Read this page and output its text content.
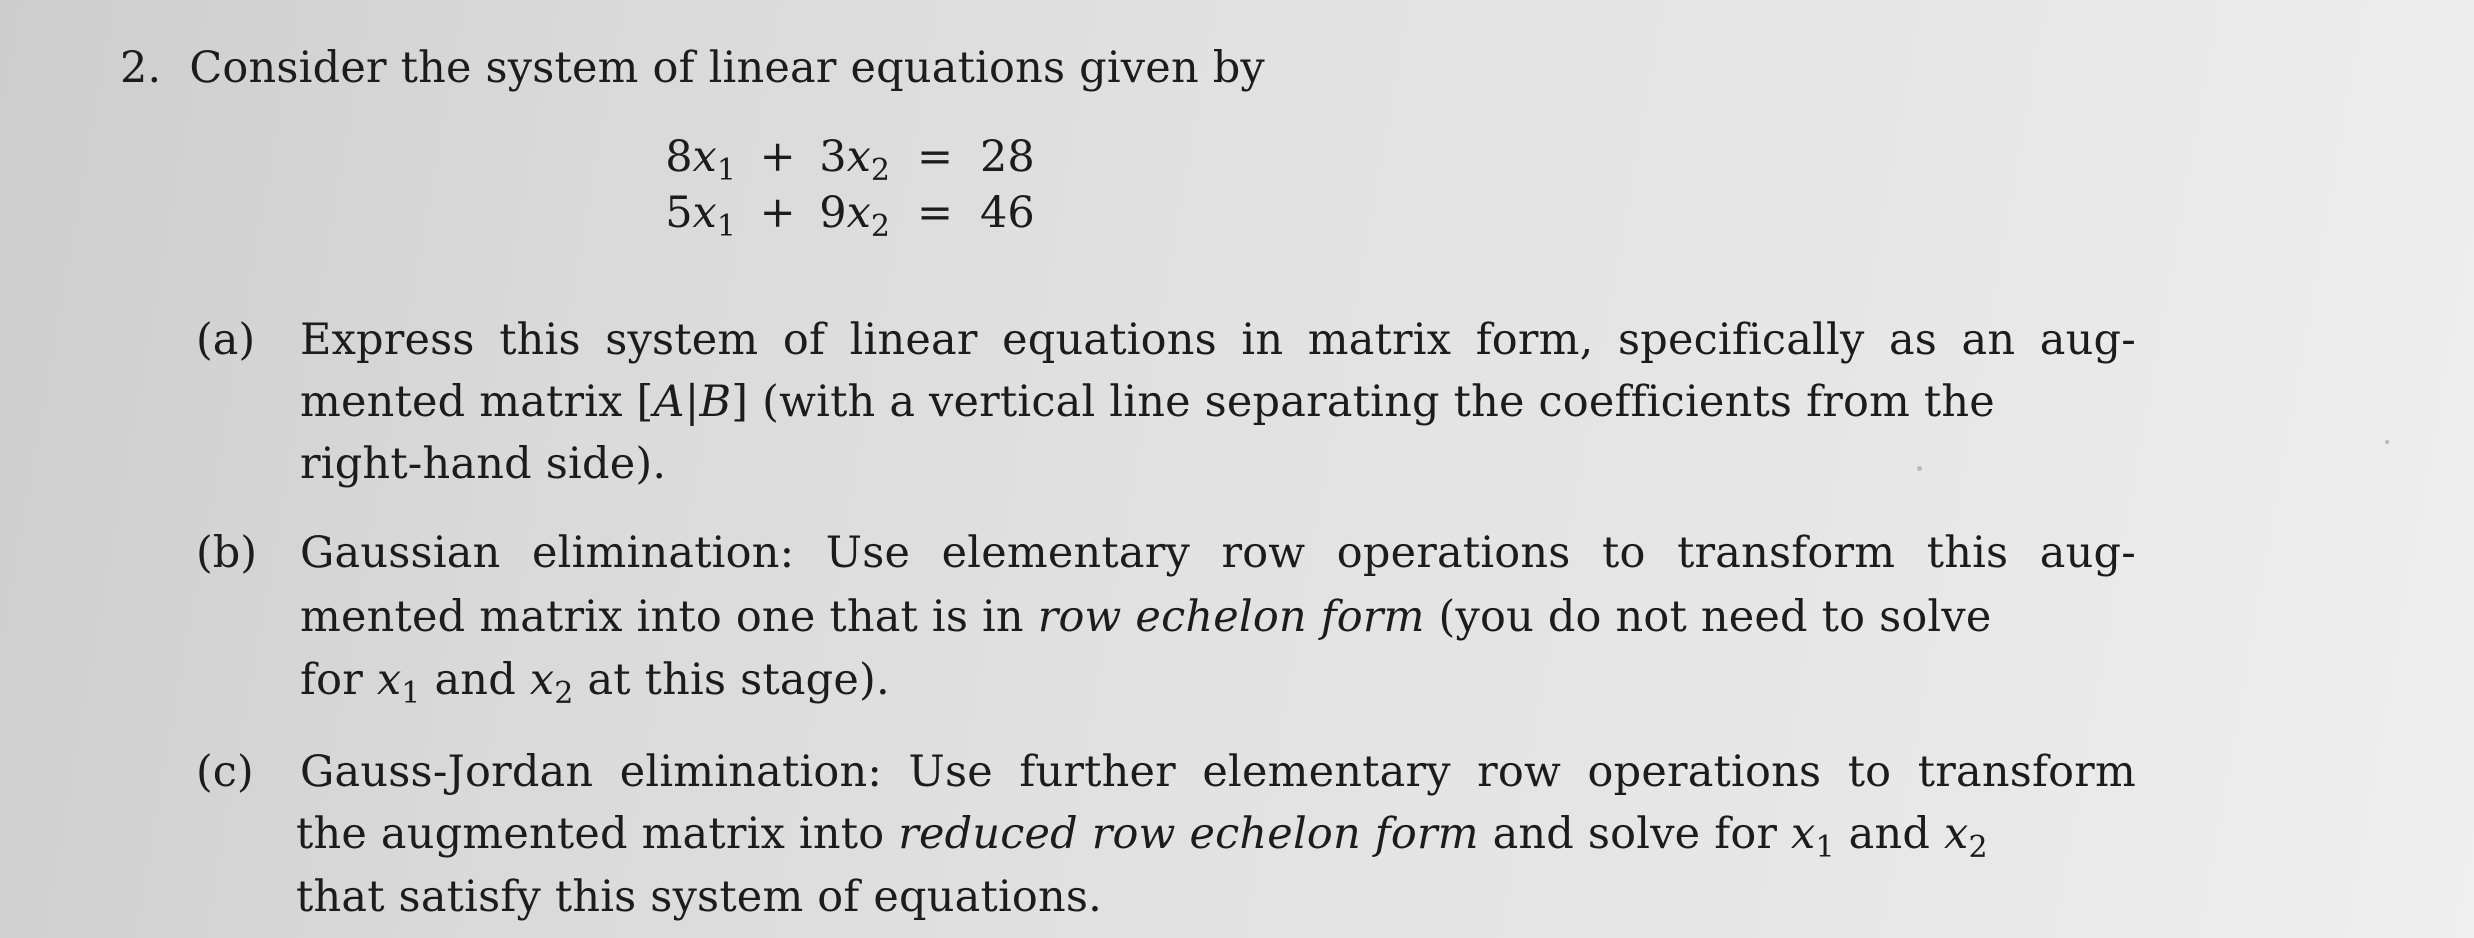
2. Consider the system of linear equations given by
$8x_1 + 3x_2 = 28$
$5x_1 + 9x_2 = 46$
(a) Express this system of linear equations in matrix form, specifically as an aug-
mented matrix [A|B] (with a vertical line separating the coefficients from the
right-hand side).
(b) Gaussian elimination: Use elementary row operations to transform this aug-
mented matrix into one that is in row echelon form (you do not need to solve
for $x_1$ and $x_2$ at this stage).
(c) Gauss-Jordan elimination: Use further elementary row operations to transform
the augmented matrix into reduced row echelon form and solve for $x_1$ and $x_2$
that satisfy this system of equations.
